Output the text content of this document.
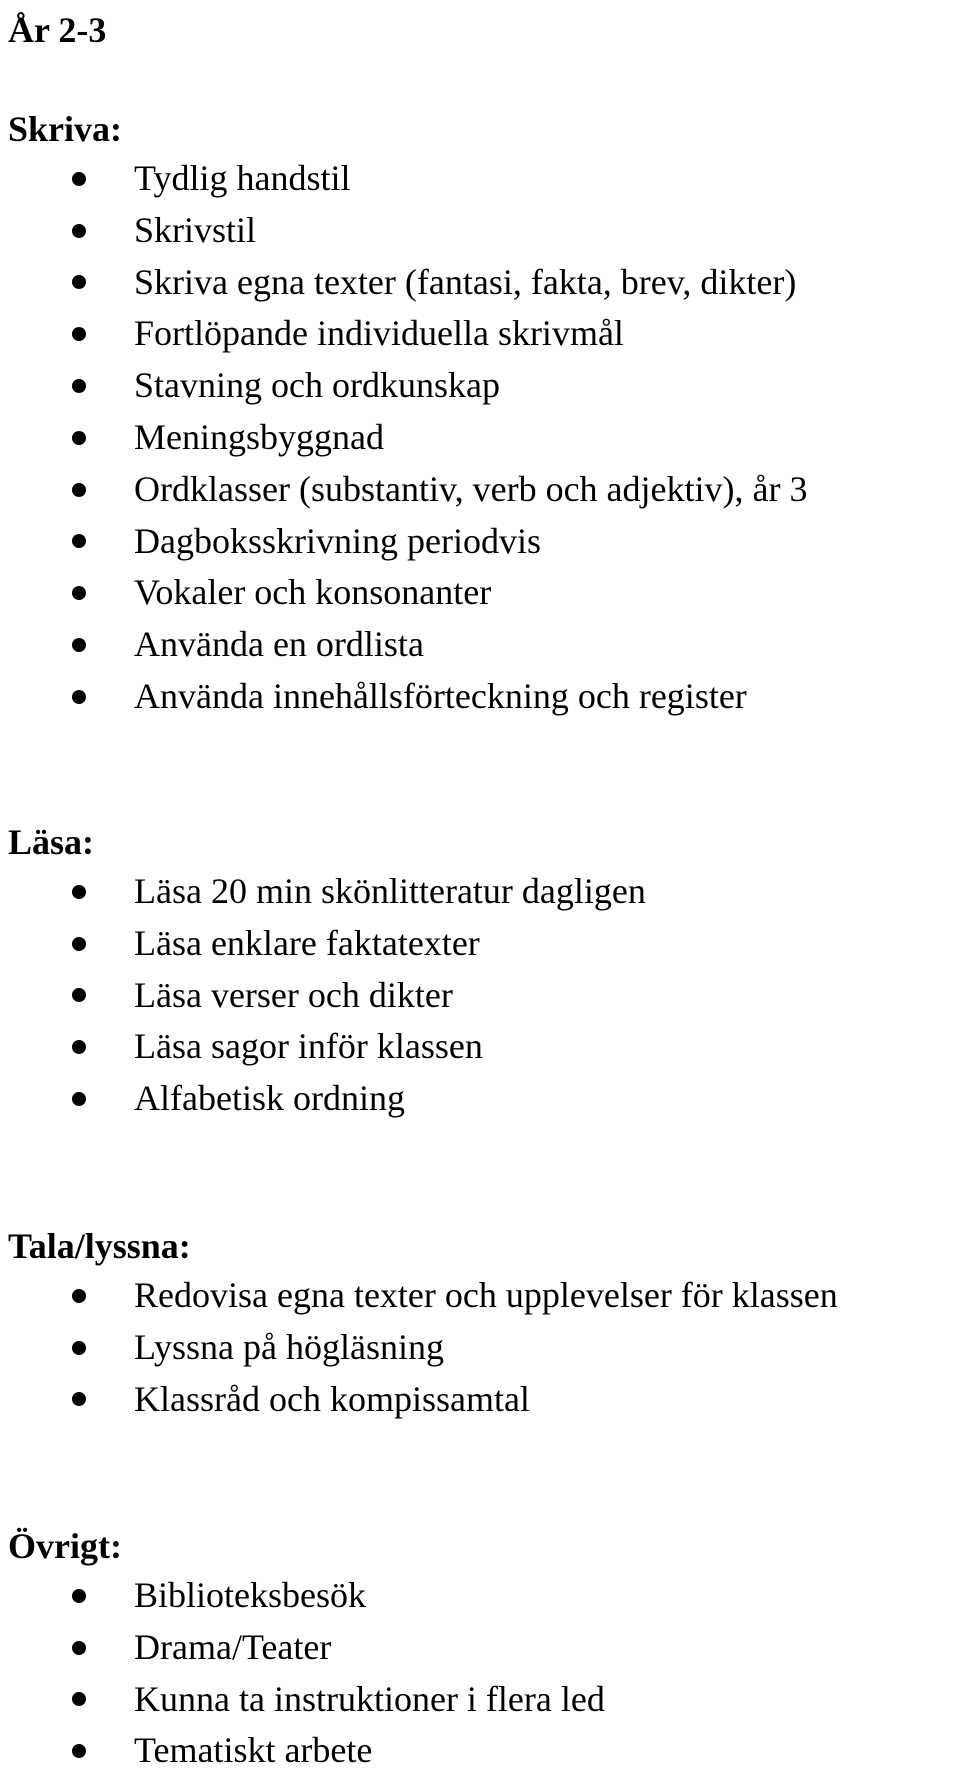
År 2-3
Skriva:
Tydlig handstil
Skrivstil
Skriva egna texter (fantasi, fakta, brev, dikter)
Fortlöpande individuella skrivmål
Stavning och ordkunskap
Meningsbyggnad
Ordklasser (substantiv, verb och adjektiv), år 3
Dagboksskrivning periodvis
Vokaler och konsonanter
Använda en ordlista
Använda innehållsförteckning och register
Läsa:
Läsa 20 min skönlitteratur dagligen
Läsa enklare faktatexter
Läsa verser och dikter
Läsa sagor inför klassen
Alfabetisk ordning
Tala/lyssna:
Redovisa egna texter och upplevelser för klassen
Lyssna på högläsning
Klassråd och kompissamtal
Övrigt:
Biblioteksbesök
Drama/Teater
Kunna ta instruktioner i flera led
Tematiskt arbete
